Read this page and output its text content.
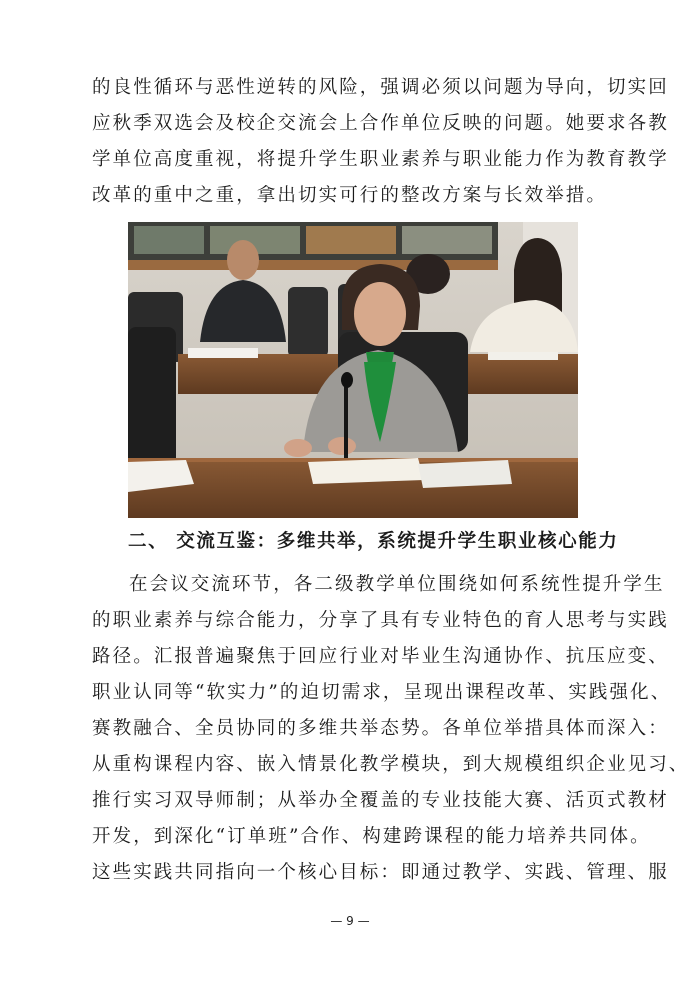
的良性循环与恶性逆转的风险，强调必须以问题为导向，切实回
应秋季双选会及校企交流会上合作单位反映的问题。她要求各教
学单位高度重视，将提升学生职业素养与职业能力作为教育教学
改革的重中之重，拿出切实可行的整改方案与长效举措。
二、 交流互鉴：多维共举，系统提升学生职业核心能力
在会议交流环节，各二级教学单位围绕如何系统性提升学生
的职业素养与综合能力，分享了具有专业特色的育人思考与实践
路径。汇报普遍聚焦于回应行业对毕业生沟通协作、抗压应变、
职业认同等“软实力”的迫切需求，呈现出课程改革、实践强化、
赛教融合、全员协同的多维共举态势。各单位举措具体而深入：
从重构课程内容、嵌入情景化教学模块，到大规模组织企业见习、
推行实习双导师制；从举办全覆盖的专业技能大赛、活页式教材
开发，到深化“订单班”合作、构建跨课程的能力培养共同体。
这些实践共同指向一个核心目标：即通过教学、实践、管理、服
— 9 —
